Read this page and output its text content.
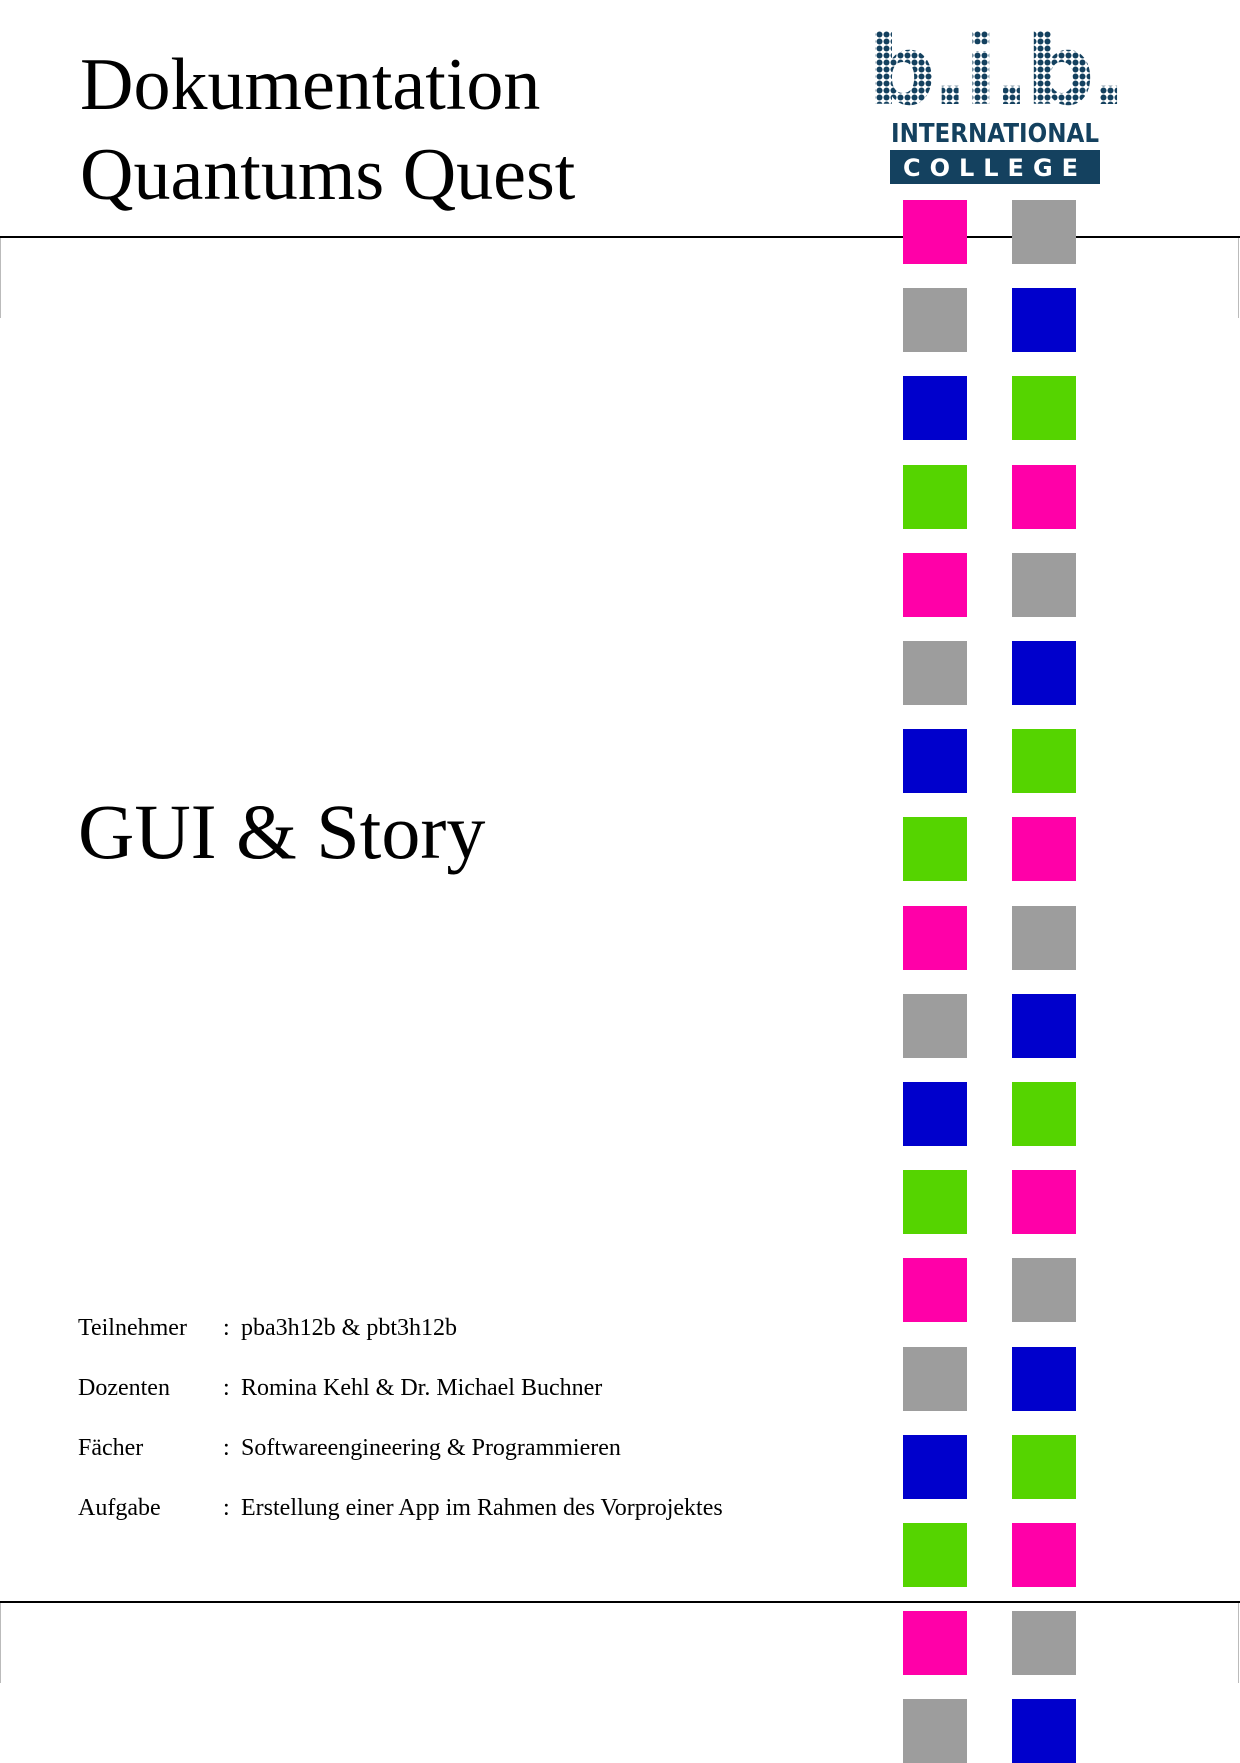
Dokumentation
Quantums Quest
b.i.b.
INTERNATIONAL
COLLEGE
GUI & Story
Teilnehmer : pba3h12b & pbt3h12b
Dozenten : Romina Kehl & Dr. Michael Buchner
Fächer	: Softwareengineering & Programmieren
Aufgabe	: Erstellung einer App im Rahmen des Vorprojektes
